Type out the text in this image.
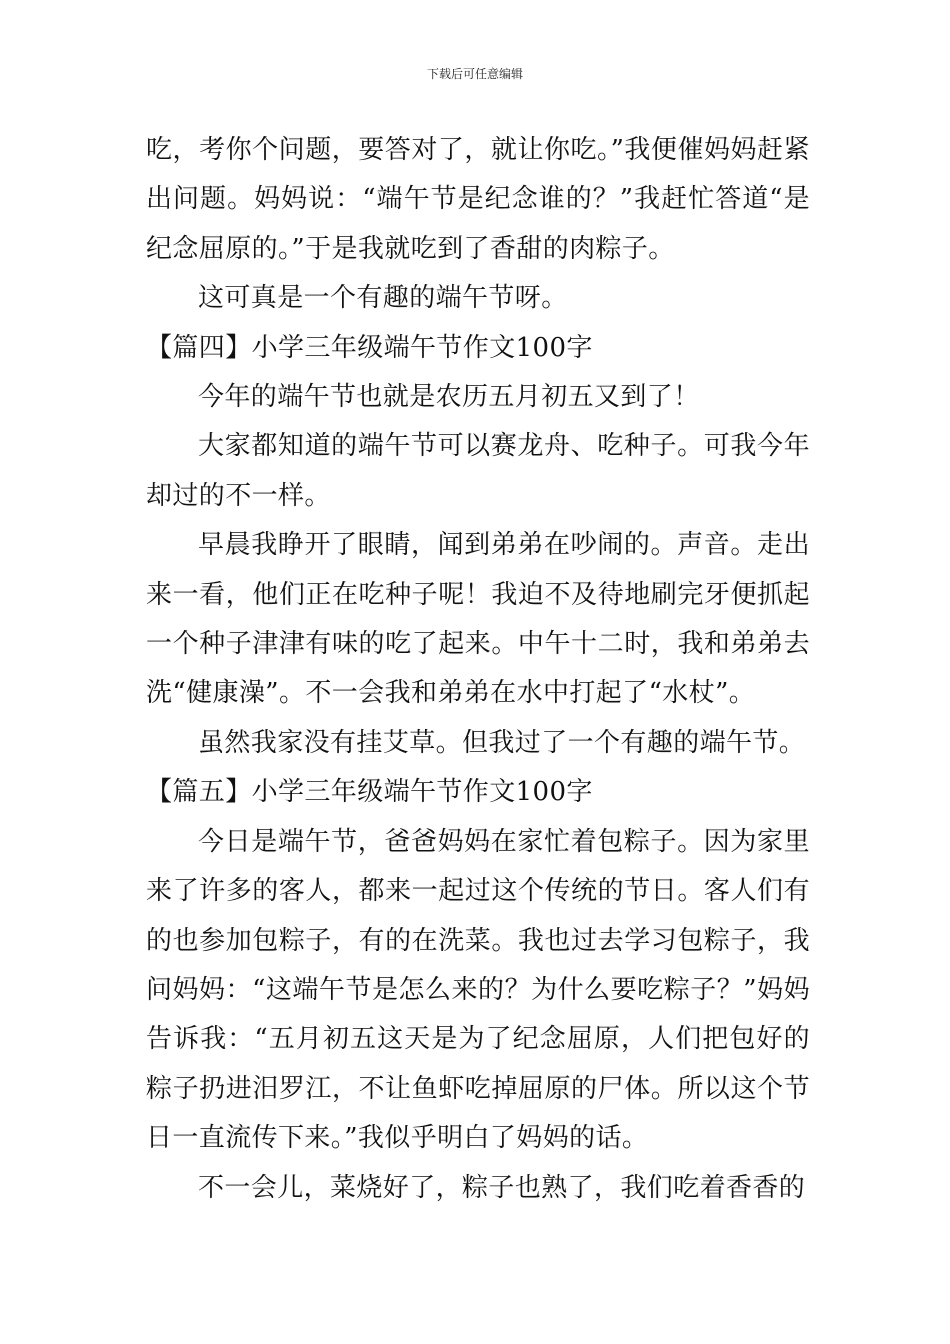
下载后可任意编辑

吃，考你个问题，要答对了，就让你吃。”我便催妈妈赶紧出问题。妈妈说：“端午节是纪念谁的？”我赶忙答道“是纪念屈原的。”于是我就吃到了香甜的肉粽子。

这可真是一个有趣的端午节呀。

【篇四】小学三年级端午节作文100字

今年的端午节也就是农历五月初五又到了！

大家都知道的端午节可以赛龙舟、吃种子。可我今年却过的不一样。

早晨我睁开了眼睛，闻到弟弟在吵闹的。声音。走出来一看，他们正在吃种子呢！我迫不及待地刷完牙便抓起一个种子津津有味的吃了起来。中午十二时，我和弟弟去洗“健康澡”。不一会我和弟弟在水中打起了“水杖”。

虽然我家没有挂艾草。但我过了一个有趣的端午节。

【篇五】小学三年级端午节作文100字

今日是端午节，爸爸妈妈在家忙着包粽子。因为家里来了许多的客人，都来一起过这个传统的节日。客人们有的也参加包粽子，有的在洗菜。我也过去学习包粽子，我问妈妈：“这端午节是怎么来的？为什么要吃粽子？”妈妈告诉我：“五月初五这天是为了纪念屈原，人们把包好的粽子扔进汨罗江，不让鱼虾吃掉屈原的尸体。所以这个节日一直流传下来。”我似乎明白了妈妈的话。

不一会儿，菜烧好了，粽子也熟了，我们吃着香香的
